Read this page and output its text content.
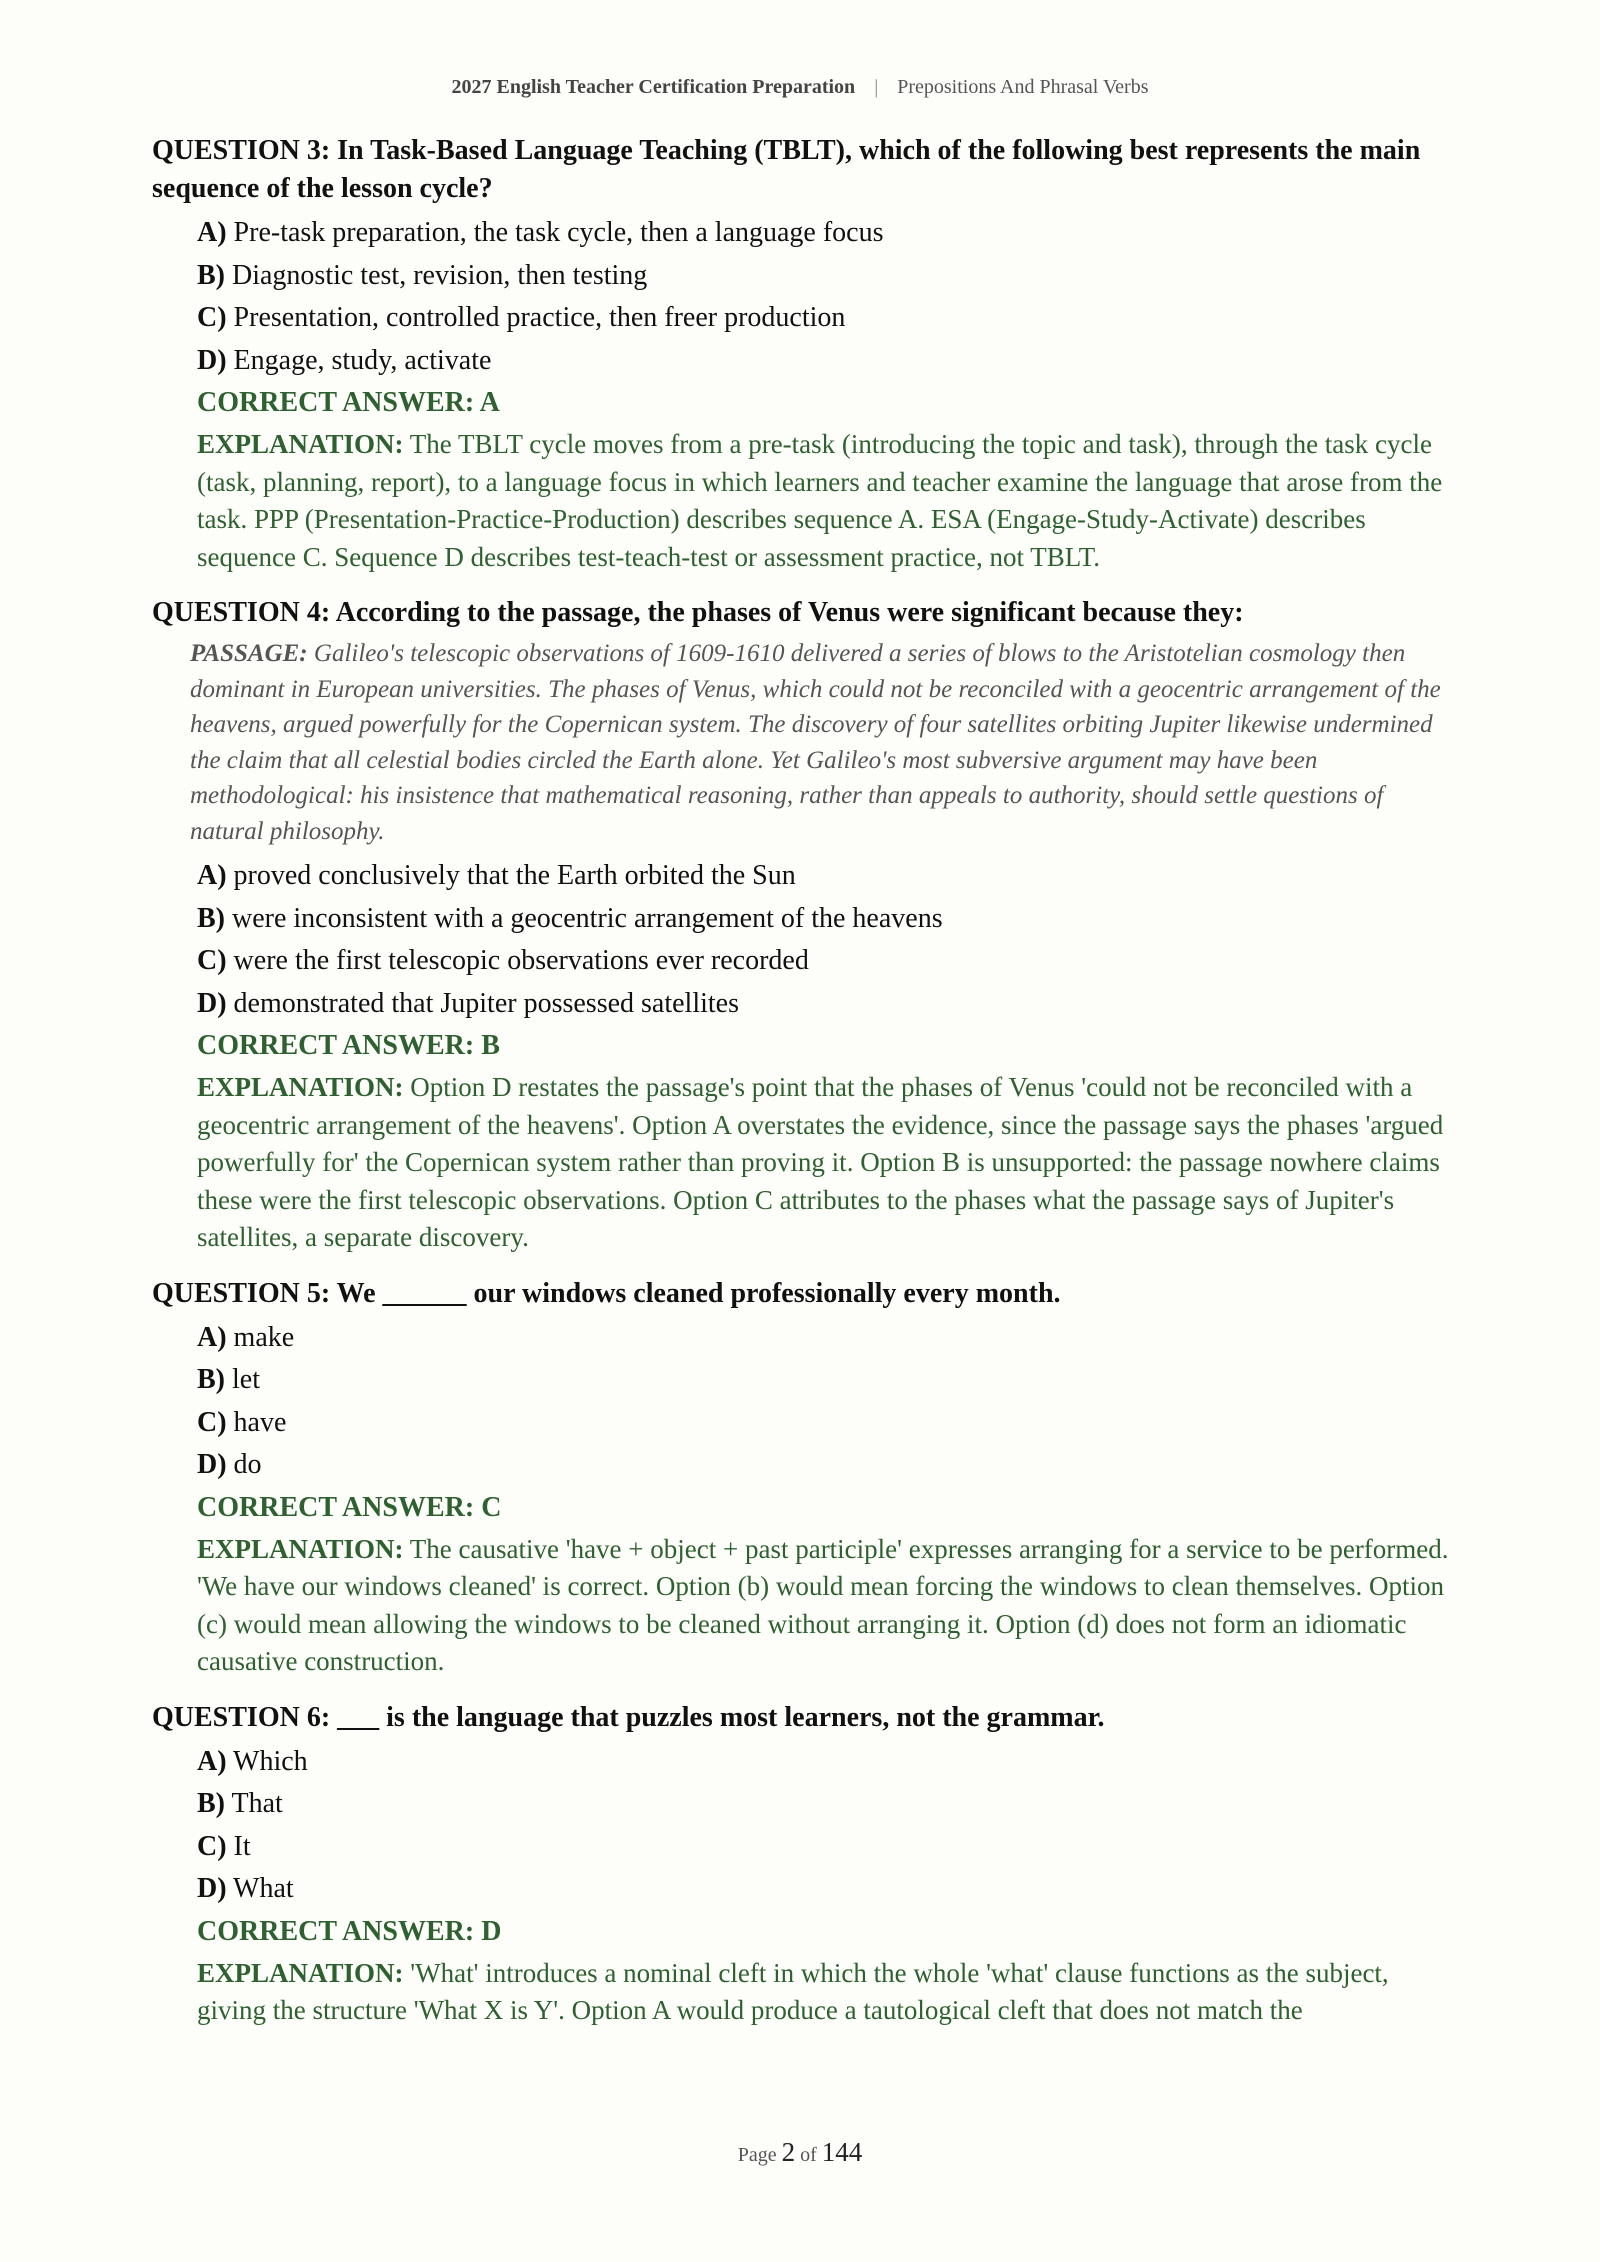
2027 English Teacher Certification Preparation | Prepositions And Phrasal Verbs
QUESTION 3: In Task-Based Language Teaching (TBLT), which of the following best represents the main sequence of the lesson cycle?
A) Pre-task preparation, the task cycle, then a language focus
B) Diagnostic test, revision, then testing
C) Presentation, controlled practice, then freer production
D) Engage, study, activate
CORRECT ANSWER: A
EXPLANATION: The TBLT cycle moves from a pre-task (introducing the topic and task), through the task cycle (task, planning, report), to a language focus in which learners and teacher examine the language that arose from the task. PPP (Presentation-Practice-Production) describes sequence A. ESA (Engage-Study-Activate) describes sequence C. Sequence D describes test-teach-test or assessment practice, not TBLT.
QUESTION 4: According to the passage, the phases of Venus were significant because they:
PASSAGE: Galileo's telescopic observations of 1609-1610 delivered a series of blows to the Aristotelian cosmology then dominant in European universities. The phases of Venus, which could not be reconciled with a geocentric arrangement of the heavens, argued powerfully for the Copernican system. The discovery of four satellites orbiting Jupiter likewise undermined the claim that all celestial bodies circled the Earth alone. Yet Galileo's most subversive argument may have been methodological: his insistence that mathematical reasoning, rather than appeals to authority, should settle questions of natural philosophy.
A) proved conclusively that the Earth orbited the Sun
B) were inconsistent with a geocentric arrangement of the heavens
C) were the first telescopic observations ever recorded
D) demonstrated that Jupiter possessed satellites
CORRECT ANSWER: B
EXPLANATION: Option D restates the passage's point that the phases of Venus 'could not be reconciled with a geocentric arrangement of the heavens'. Option A overstates the evidence, since the passage says the phases 'argued powerfully for' the Copernican system rather than proving it. Option B is unsupported: the passage nowhere claims these were the first telescopic observations. Option C attributes to the phases what the passage says of Jupiter's satellites, a separate discovery.
QUESTION 5: We ______ our windows cleaned professionally every month.
A) make
B) let
C) have
D) do
CORRECT ANSWER: C
EXPLANATION: The causative 'have + object + past participle' expresses arranging for a service to be performed. 'We have our windows cleaned' is correct. Option (b) would mean forcing the windows to clean themselves. Option (c) would mean allowing the windows to be cleaned without arranging it. Option (d) does not form an idiomatic causative construction.
QUESTION 6: ___ is the language that puzzles most learners, not the grammar.
A) Which
B) That
C) It
D) What
CORRECT ANSWER: D
EXPLANATION: 'What' introduces a nominal cleft in which the whole 'what' clause functions as the subject, giving the structure 'What X is Y'. Option A would produce a tautological cleft that does not match the
Page 2 of 144
